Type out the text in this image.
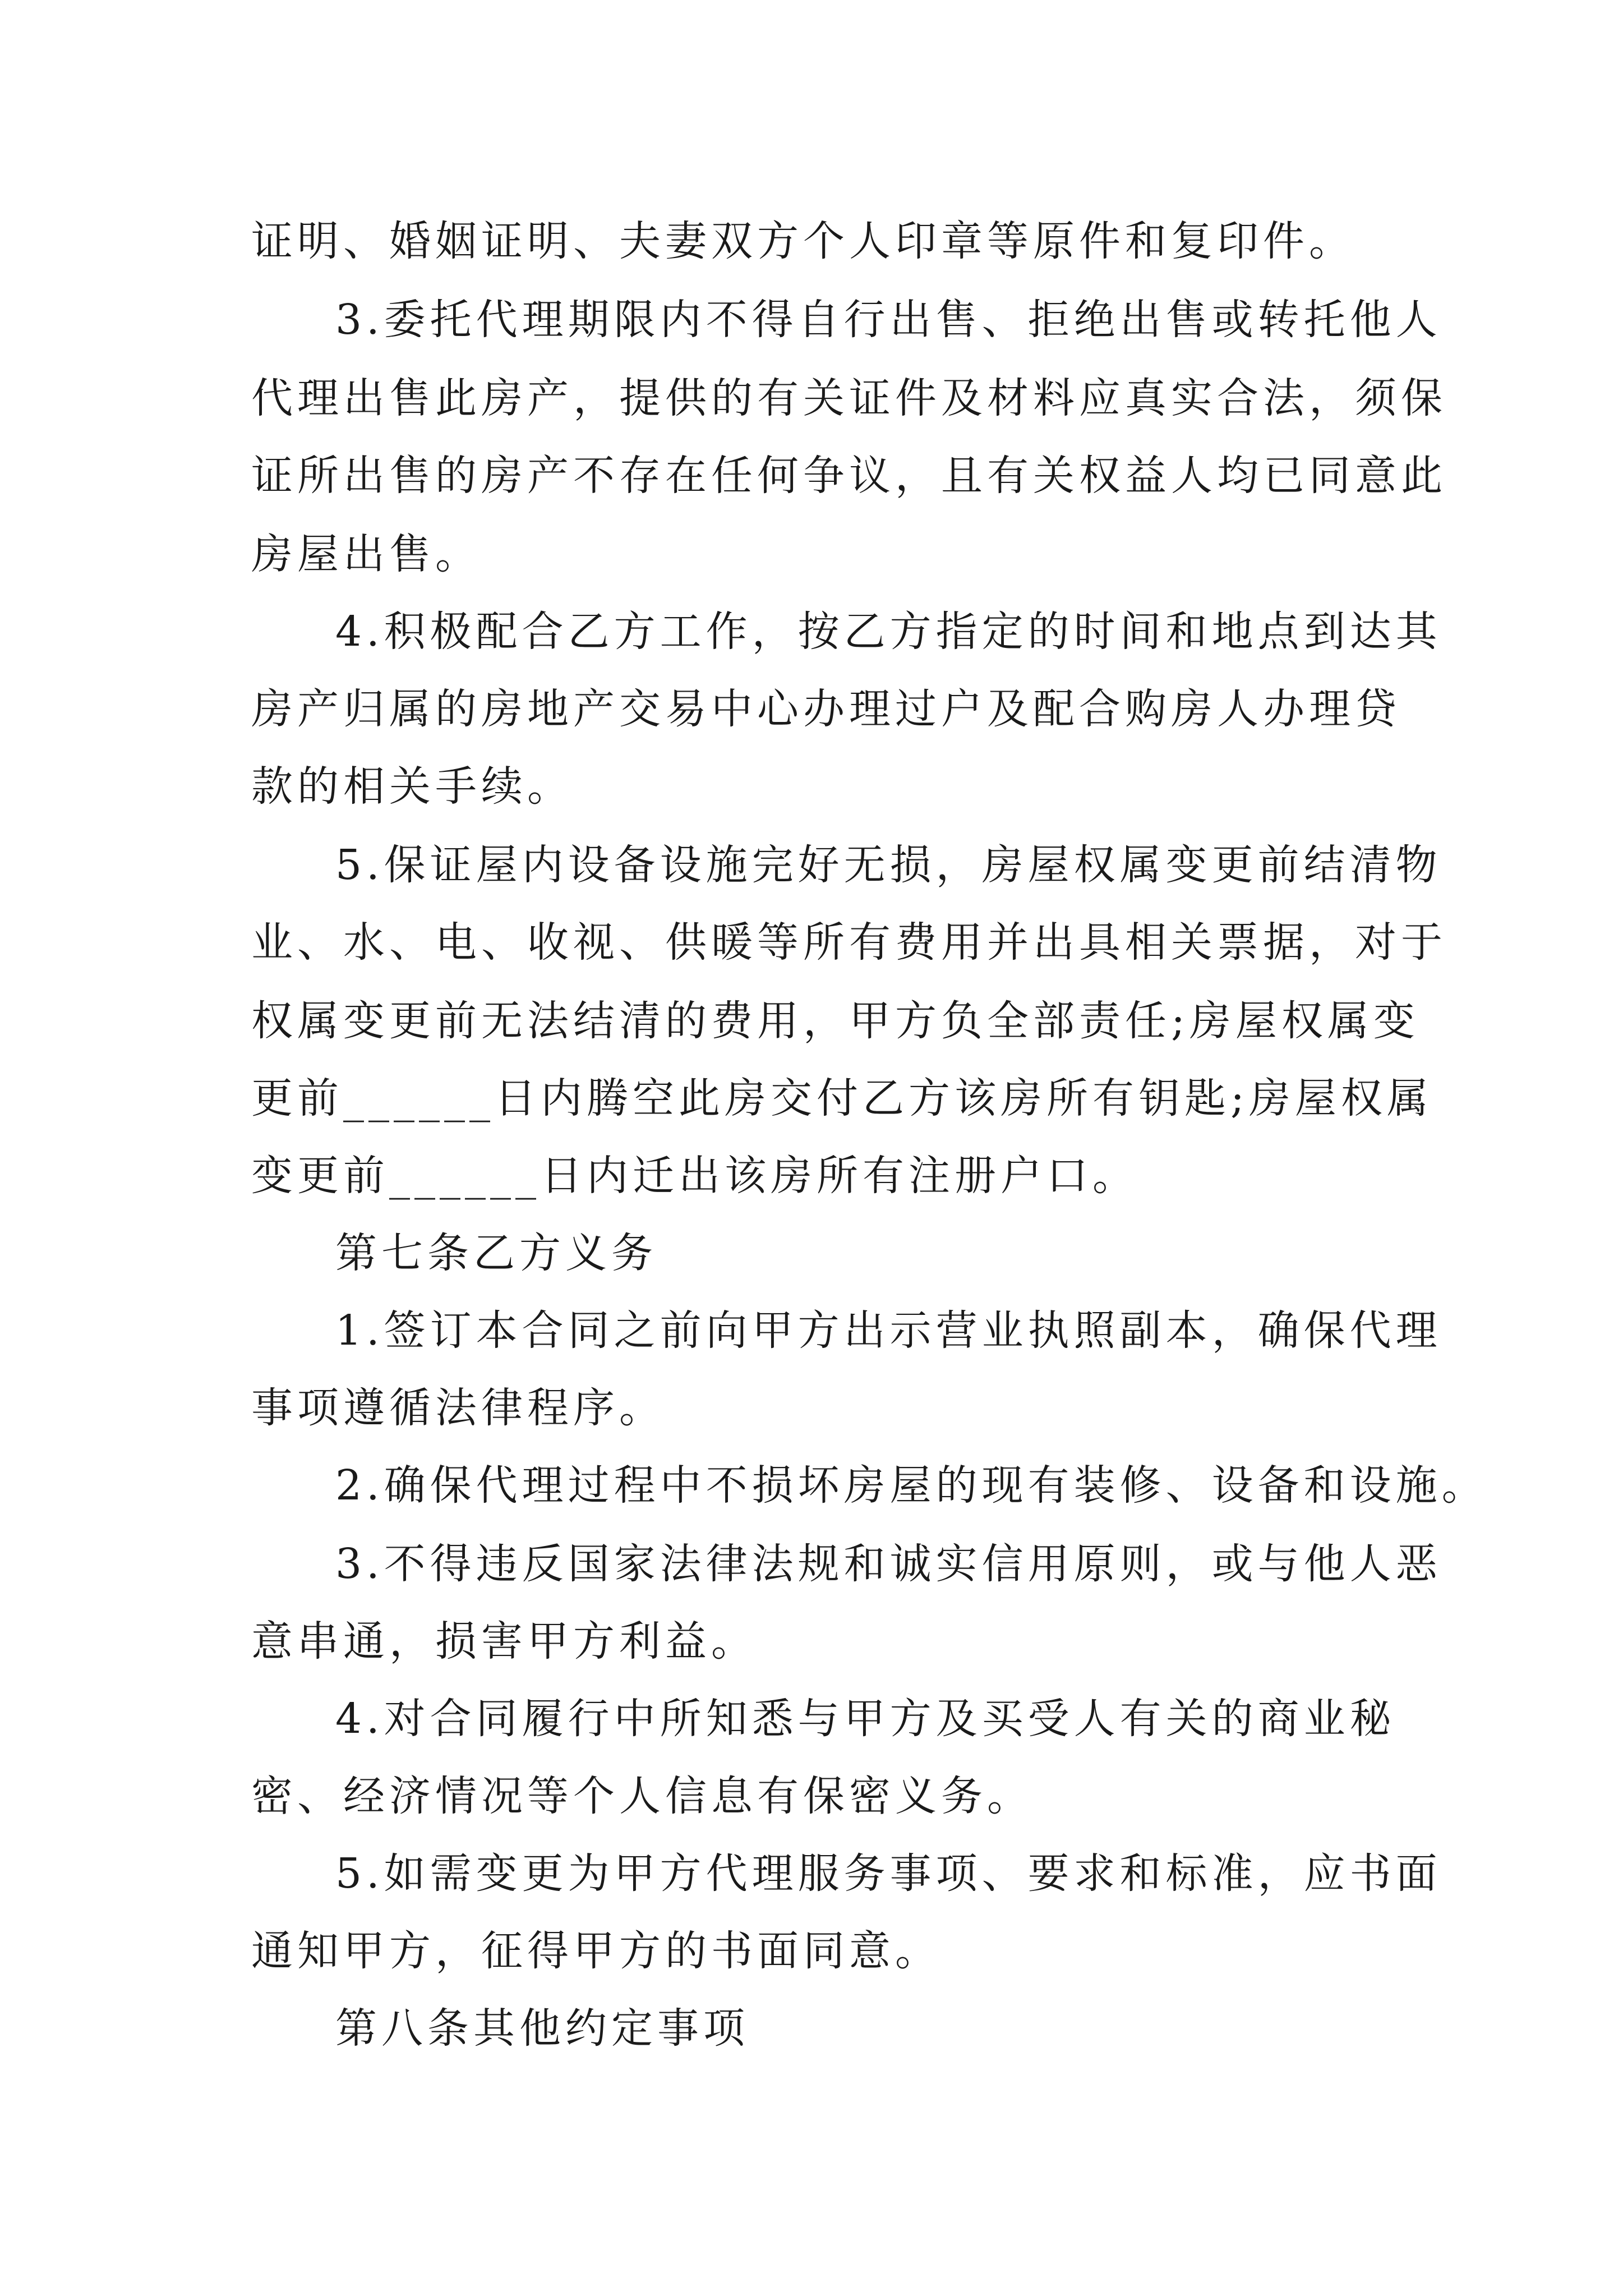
证明、婚姻证明、夫妻双方个人印章等原件和复印件。
3.委托代理期限内不得自行出售、拒绝出售或转托他人
代理出售此房产，提供的有关证件及材料应真实合法，须保
证所出售的房产不存在任何争议，且有关权益人均已同意此
房屋出售。
4.积极配合乙方工作，按乙方指定的时间和地点到达其
房产归属的房地产交易中心办理过户及配合购房人办理贷
款的相关手续。
5.保证屋内设备设施完好无损，房屋权属变更前结清物
业、水、电、收视、供暖等所有费用并出具相关票据，对于
权属变更前无法结清的费用，甲方负全部责任;房屋权属变
更前______日内腾空此房交付乙方该房所有钥匙;房屋权属
变更前______日内迁出该房所有注册户口。
第七条乙方义务
1.签订本合同之前向甲方出示营业执照副本，确保代理
事项遵循法律程序。
2.确保代理过程中不损坏房屋的现有装修、设备和设施。
3.不得违反国家法律法规和诚实信用原则，或与他人恶
意串通，损害甲方利益。
4.对合同履行中所知悉与甲方及买受人有关的商业秘
密、经济情况等个人信息有保密义务。
5.如需变更为甲方代理服务事项、要求和标准，应书面
通知甲方，征得甲方的书面同意。
第八条其他约定事项
